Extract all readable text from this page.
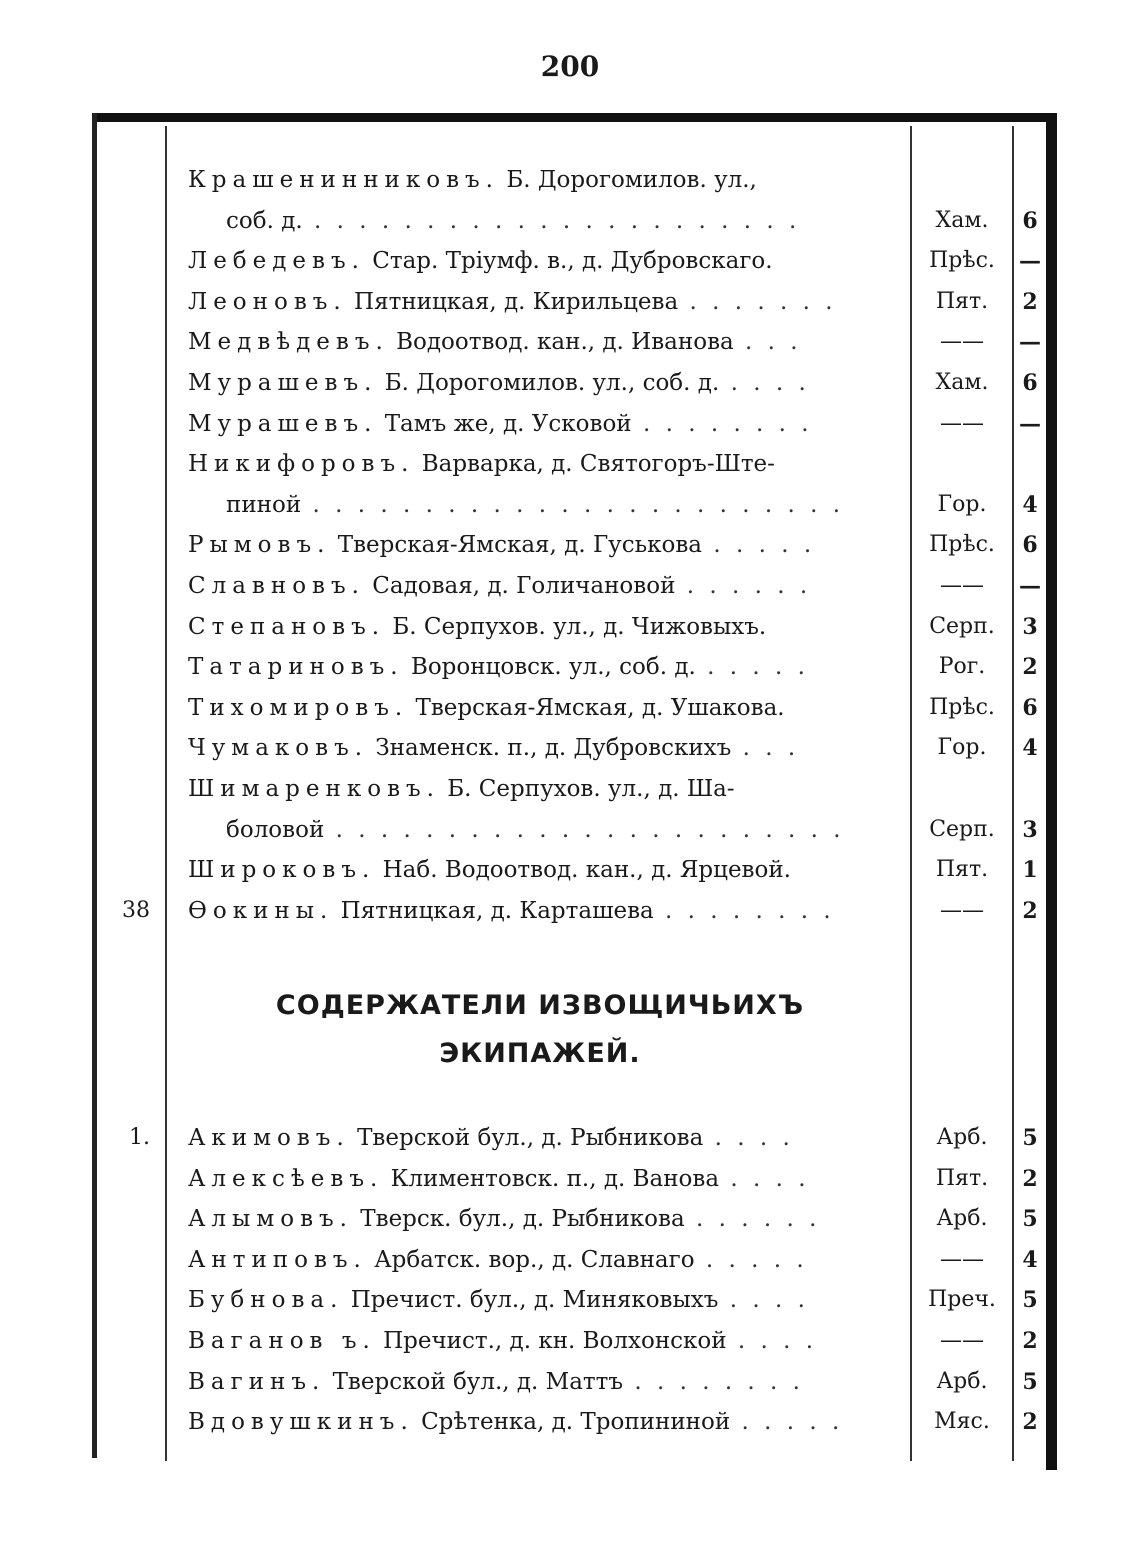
200
Крашенинниковъ. Б. Дорогомилов. ул.,
соб. д. . . . . . . . . . . . . . . . . . . . . . .	Хам.	6
Лебедевъ. Стар. Тріумф. в., д. Дубровскаго.	Прѣс.	—
Леоновъ. Пятницкая, д. Кирильцева . . . . . . .	Пят.	2
Медвѣдевъ. Водоотвод. кан., д. Иванова . . .	——	—
Мурашевъ. Б. Дорогомилов. ул., соб. д. . . . .	Хам.	6
Мурашевъ. Тамъ же, д. Усковой . . . . . . . .	——	—
Никифоровъ. Варварка, д. Святогоръ-Ште-
пиной . . . . . . . . . . . . . . . . . . . . . . . .	Гор.	4
Рымовъ. Тверская-Ямская, д. Гуськова . . . . .	Прѣс.	6
Славновъ. Садовая, д. Голичановой . . . . . .	——	—
Степановъ. Б. Серпухов. ул., д. Чижовыхъ.	Серп.	3
Татариновъ. Воронцовск. ул., соб. д. . . . . .	Рог.	2
Тихомировъ. Тверская-Ямская, д. Ушакова.	Прѣс.	6
Чумаковъ. Знаменск. п., д. Дубровскихъ . . .	Гор.	4
Шимаренковъ. Б. Серпухов. ул., д. Ша-
боловой . . . . . . . . . . . . . . . . . . . . . . .	Серп.	3
Широковъ. Наб. Водоотвод. кан., д. Ярцевой.	Пят.	1
38 Ѳокины. Пятницкая, д. Карташева . . . . . . . .	——	2
СОДЕРЖАТЕЛИ ИЗВОЩИЧЬИХЪ
ЭКИПАЖЕЙ.
1. Акимовъ. Тверской бул., д. Рыбникова . . . .	Арб.	5
Алексѣевъ. Климентовск. п., д. Ванова . . . .	Пят.	2
Алымовъ. Тверск. бул., д. Рыбникова . . . . . .	Арб.	5
Антиповъ. Арбатск. вор., д. Славнаго . . . . .	——	4
Бубнова. Пречист. бул., д. Миняковыхъ . . . .	Преч.	5
Ваганов ъ. Пречист., д. кн. Волхонской . . . .	——	2
Вагинъ. Тверской бул., д. Маттъ . . . . . . . .	Арб.	5
Вдовушкинъ. Срѣтенка, д. Тропининой . . . . .	Мяс.	2
